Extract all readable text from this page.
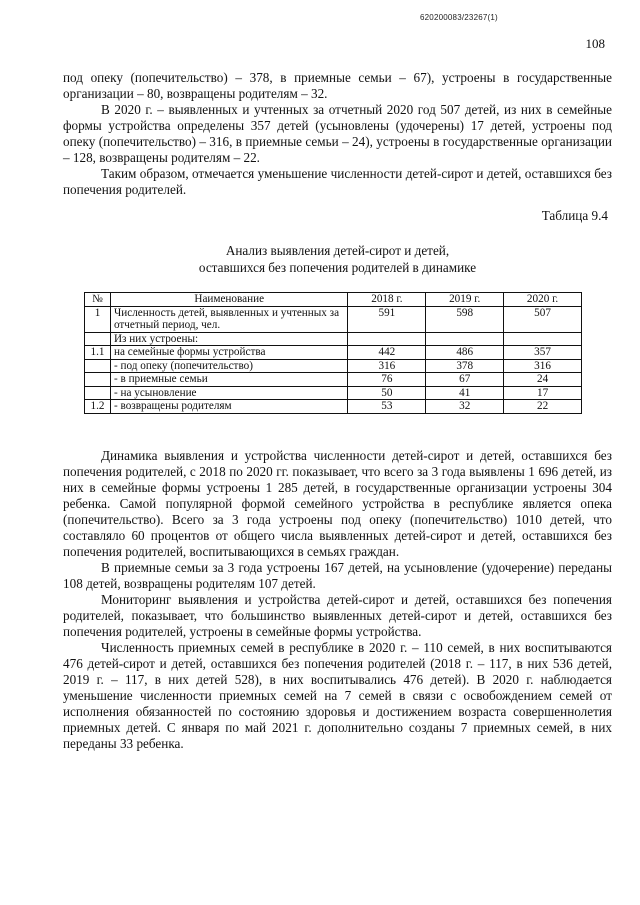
620200083/23267(1)
108

под опеку (попечительство) – 378, в приемные семьи – 67), устроены в государственные организации – 80, возвращены родителям – 32.

В 2020 г. – выявленных и учтенных за отчетный 2020 год 507 детей, из них в семейные формы устройства определены 357 детей (усыновлены (удочерены) 17 детей, устроены под опеку (попечительство) – 316, в приемные семьи – 24), устроены в государственные организации – 128, возвращены родителям – 22.

Таким образом, отмечается уменьшение численности детей-сирот и детей, оставшихся без попечения родителей.

Таблица 9.4
Анализ выявления детей-сирот и детей,
оставшихся без попечения родителей в динамике
№	Наименование	2018 г.	2019 г.	2020 г.
1	Численность детей, выявленных и учтенных за отчетный период, чел.	591	598	507
	Из них устроены:			
1.1	на семейные формы устройства	442	486	357
	- под опеку (попечительство)	316	378	316
	- в приемные семьи	76	67	24
	- на усыновление	50	41	17
1.2	- возвращены родителям	53	32	22

Динамика выявления и устройства численности детей-сирот и детей, оставшихся без попечения родителей, с 2018 по 2020 гг. показывает, что всего за 3 года выявлены 1 696 детей, из них в семейные формы устроены 1 285 детей, в государственные организации устроены 304 ребенка. Самой популярной формой семейного устройства в республике является опека (попечительство). Всего за 3 года устроены под опеку (попечительство) 1010 детей, что составляло 60 процентов от общего числа выявленных детей-сирот и детей, оставшихся без попечения родителей, воспитывающихся в семьях граждан.

В приемные семьи за 3 года устроены 167 детей, на усыновление (удочерение) переданы 108 детей, возвращены родителям 107 детей.

Мониторинг выявления и устройства детей-сирот и детей, оставшихся без попечения родителей, показывает, что большинство выявленных детей-сирот и детей, оставшихся без попечения родителей, устроены в семейные формы устройства.

Численность приемных семей в республике в 2020 г. – 110 семей, в них воспитываются 476 детей-сирот и детей, оставшихся без попечения родителей (2018 г. – 117, в них 536 детей, 2019 г. – 117, в них детей 528), в них воспитывались 476 детей). В 2020 г. наблюдается уменьшение численности приемных семей на 7 семей в связи с освобождением семей от исполнения обязанностей по состоянию здоровья и достижением возраста совершеннолетия приемных детей. С января по май 2021 г. дополнительно созданы 7 приемных семей, в них переданы 33 ребенка.
